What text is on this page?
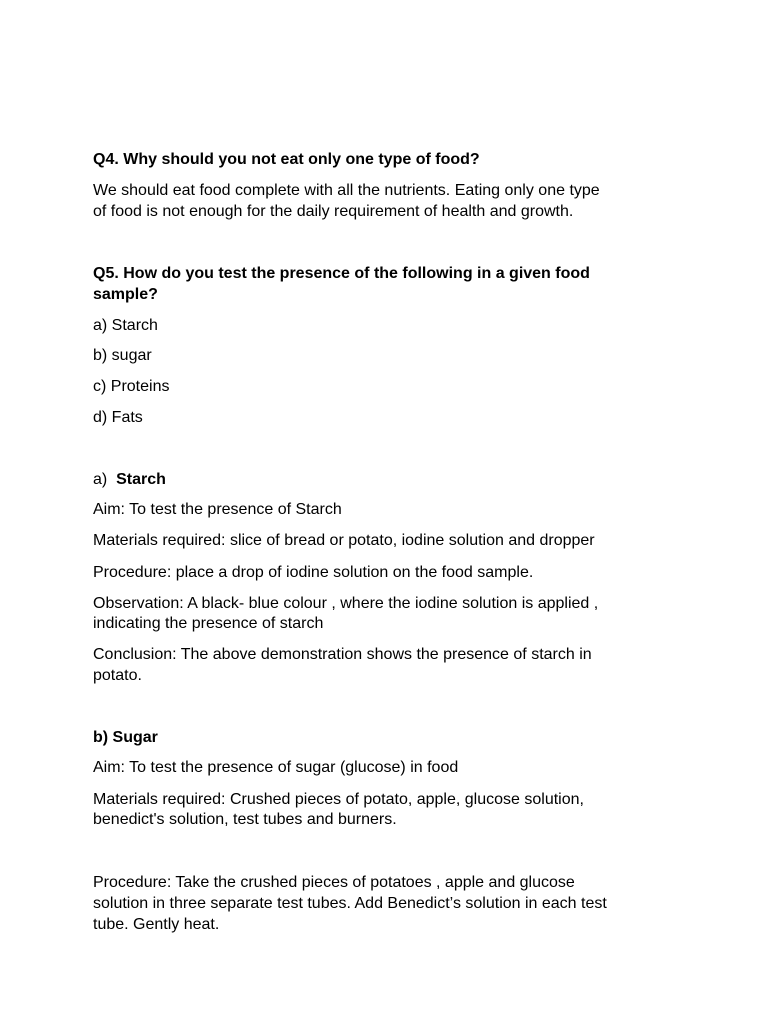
Q4. Why should you not eat only one type of food?
We should eat food complete with all the nutrients. Eating only one type
of food is not enough for the daily requirement of health and growth.
Q5. How do you test the presence of the following in a given food
sample?
a) Starch
b) sugar
c) Proteins
d) Fats
a) Starch
Aim: To test the presence of Starch
Materials required: slice of bread or potato, iodine solution and dropper
Procedure: place a drop of iodine solution on the food sample.
Observation: A black- blue colour , where the iodine solution is applied ,
indicating the presence of starch
Conclusion: The above demonstration shows the presence of starch in
potato.
b) Sugar
Aim: To test the presence of sugar (glucose) in food
Materials required: Crushed pieces of potato, apple, glucose solution,
benedict's solution, test tubes and burners.
Procedure: Take the crushed pieces of potatoes , apple and glucose
solution in three separate test tubes. Add Benedict’s solution in each test
tube. Gently heat.
